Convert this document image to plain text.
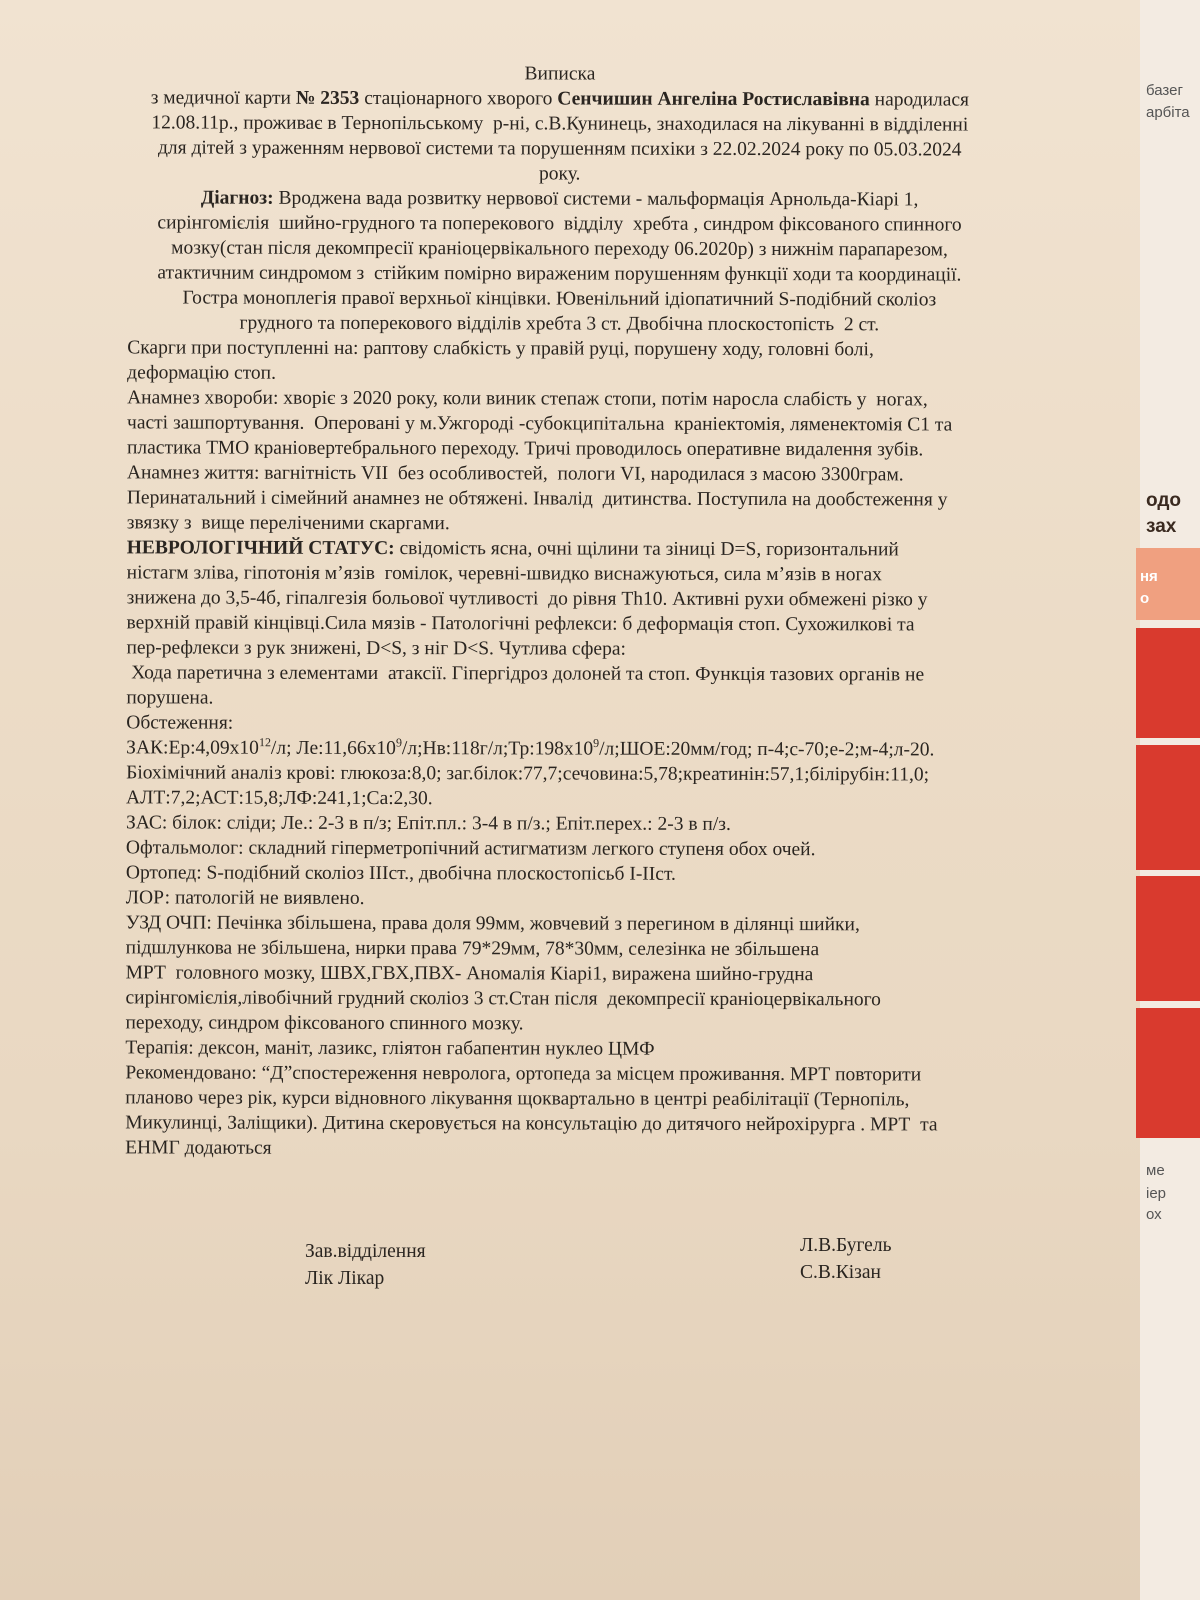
базег
арбіта
одо
зах
ме
іер
ох
ня
о
Виписка
з медичної карти № 2353 стаціонарного хворого Сенчишин Ангеліна Ростиславівна народилася
12.08.11р., проживає в Тернопільському  р-ні, с.В.Кунинець, знаходилася на лікуванні в відділенні
для дітей з ураженням нервової системи та порушенням психіки з 22.02.2024 року по 05.03.2024
року.
Діагноз: Вроджена вада розвитку нервової системи - мальформація Арнольда-Кіарі 1,
сирінгомієлія  шийно-грудного та поперекового  відділу  хребта , синдром фіксованого спинного
мозку(стан після декомпресії краніоцервікального переходу 06.2020р) з нижнім парапарезом,
атактичним синдромом з  стійким помірно вираженим порушенням функції ходи та координації.
Гостра моноплегія правої верхньої кінцівки. Ювенільний ідіопатичний S-подібний сколіоз
грудного та поперекового відділів хребта 3 ст. Двобічна плоскостопість  2 ст.
Скарги при поступленні на: раптову слабкість у правій руці, порушену ходу, головні болі,
деформацію стоп.
Анамнез хвороби: хворіє з 2020 року, коли виник степаж стопи, потім наросла слабість у  ногах,
часті зашпортування.  Оперовані у м.Ужгороді -субокципітальна  краніектомія, ляменектомія С1 та
пластика ТМО краніовертебрального переходу. Тричі проводилось оперативне видалення зубів.
Анамнез життя: вагнітність VII  без особливостей,  пологи VI, народилася з масою 3300грам.
Перинатальний і сімейний анамнез не обтяжені. Інвалід  дитинства. Поступила на дообстеження у
звязку з  вище переліченими скаргами.
НЕВРОЛОГІЧНИЙ СТАТУС: свідомість ясна, очні щілини та зіниці D=S, горизонтальний
ністагм зліва, гіпотонія м’язів  гомілок, черевні-швидко виснажуються, сила м’язів в ногах
знижена до 3,5-4б, гіпалгезія больової чутливості  до рівня Th10. Активні рухи обмежені різко у
верхній правій кінцівці.Сила мязів - Патологічні рефлекси: б деформація стоп. Сухожилкові та
пер-рефлекси з рук знижені, D<S, з ніг D<S. Чутлива сфера:
Хода паретична з елементами  атаксії. Гіпергідроз долоней та стоп. Функція тазових органів не
порушена.
Обстеження:
$ЗАК:Ер:4,09x10^{12}/л$; $Ле:11,66x10^9/л;Нв:118г/л;Тр:198x10^9/л;ШОЕ:20мм$/год; п-4;с-70;е-2;м-4;л-20.
Біохімічний аналіз крові: глюкоза:8,0; заг.білок:77,7;сечовина:5,78;креатинін:57,1;білірубін:11,0;
АЛТ:7,2;АСТ:15,8;ЛФ:241,1;Са:2,30.
ЗАС: білок: сліди; Ле.: 2-3 в п/з; Епіт.пл.: 3-4 в п/з.; Епіт.перех.: 2-3 в п/з.
Офтальмолог: складний гіперметропічний астигматизм легкого ступеня обох очей.
Ортопед: S-подібний сколіоз IIIст., двобічна плоскостопісьб I-IIст.
ЛОР: патологій не виявлено.
УЗД ОЧП: Печінка збільшена, права доля 99мм, жовчевий з перегином в ділянці шийки,
підшлункова не збільшена, нирки права 79*29мм, 78*30мм, селезінка не збільшена
МРТ  головного мозку, ШВХ,ГВХ,ПВХ- Аномалія Кіарі1, виражена шийно-грудна
сирінгомієлія,лівобічний грудний сколіоз 3 ст.Стан після  декомпресії краніоцервікального
переходу, синдром фіксованого спинного мозку.
Терапія: дексон, маніт, лазикс, гліятон габапентин нуклео ЦМФ
Рекомендовано: “Д”спостереження невролога, ортопеда за місцем проживання. МРТ повторити
планово через рік, курси відновного лікування щоквартально в центрі реабілітації (Тернопіль,
Микулинці, Заліщики). Дитина скеровується на консультацію до дитячого нейрохірурга . МРТ  та
ЕНМГ додаються
Зав.відділення
Лік Лікар
Л.В.Бугель
С.В.Кізан
